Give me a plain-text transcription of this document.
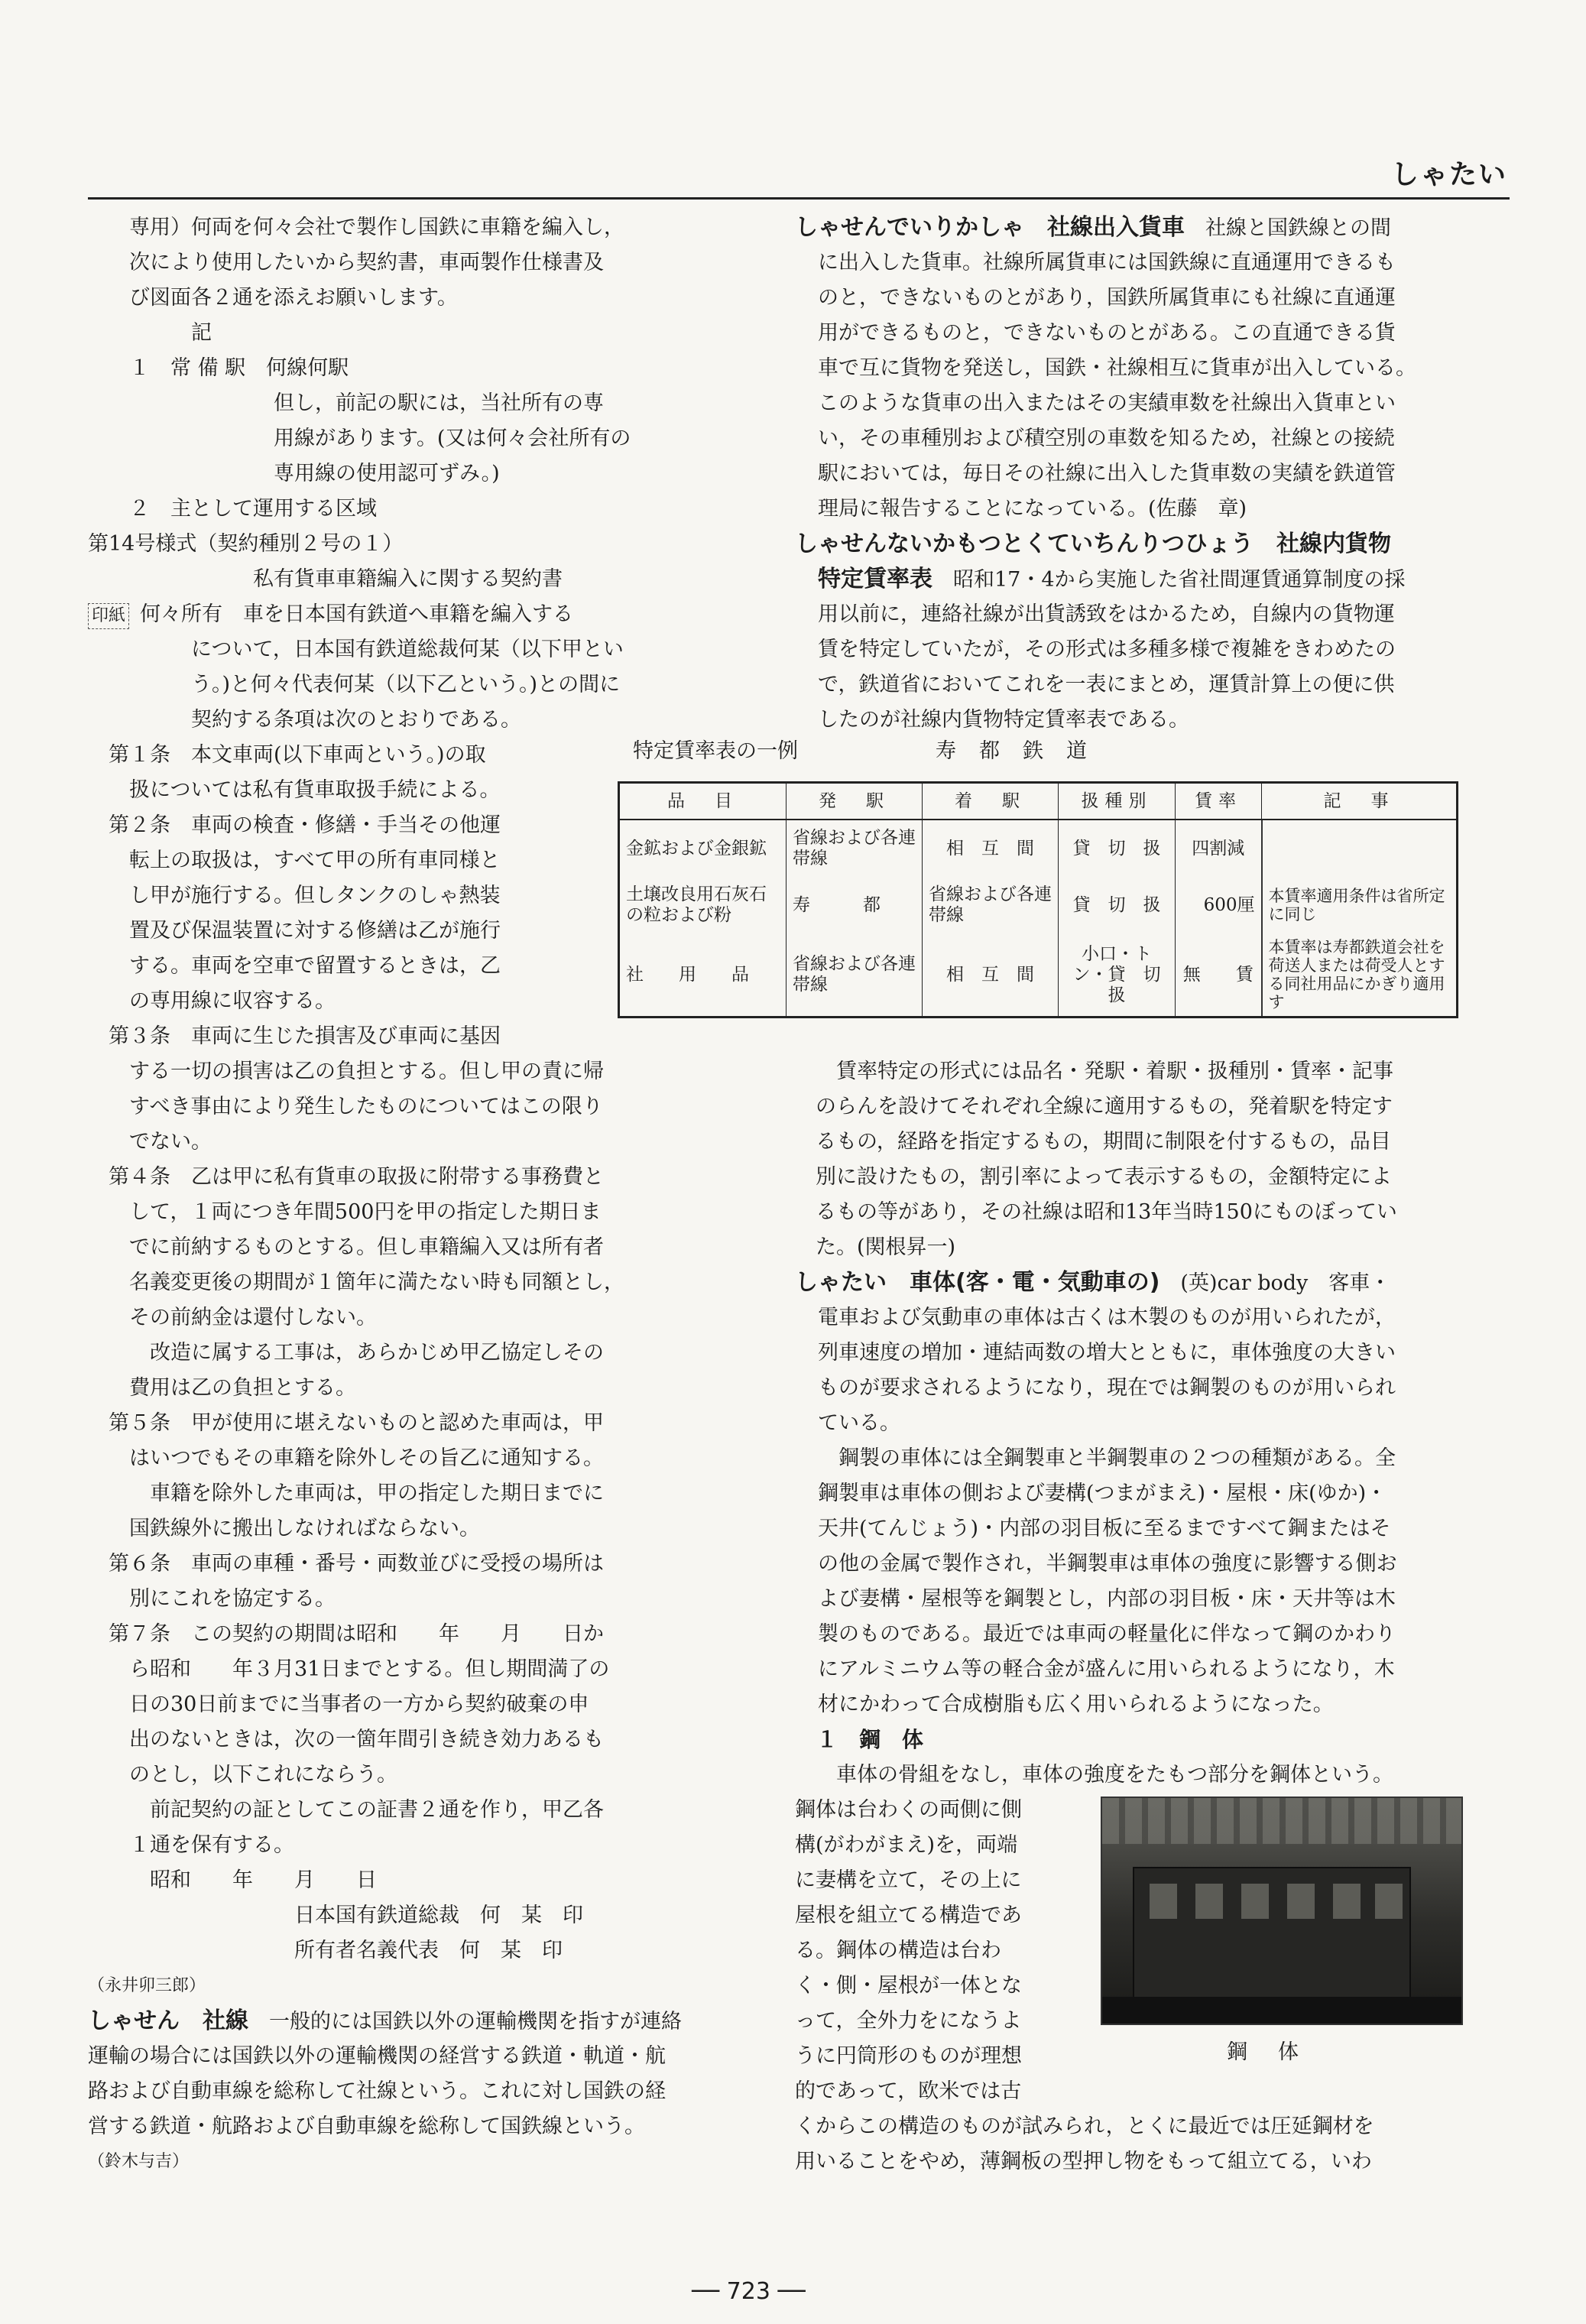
しゃたい
　　専用）何両を何々会社で製作し国鉄に車籍を編入し，
　　次により使用したいから契約書，車両製作仕様書及
　　び図面各２通を添えお願いします。
　　　　　記
　　１　常 備 駅　何線何駅
　　　　　　　　　但し，前記の駅には，当社所有の専
　　　　　　　　　用線があります。(又は何々会社所有の
　　　　　　　　　専用線の使用認可ずみ。)
　　２　主として運用する区域
第14号様式（契約種別２号の１）
　　　　　　　　私有貨車車籍編入に関する契約書
印紙 何々所有　車を日本国有鉄道へ車籍を編入する
　　　　　について，日本国有鉄道総裁何某（以下甲とい
　　　　　う。)と何々代表何某（以下乙という。)との間に
　　　　　契約する条項は次のとおりである。
　第１条　本文車両(以下車両という。)の取
　　扱については私有貨車取扱手続による。
　第２条　車両の検査・修繕・手当その他運
　　転上の取扱は，すべて甲の所有車同様と
　　し甲が施行する。但しタンクのしゃ熱装
　　置及び保温装置に対する修繕は乙が施行
　　する。車両を空車で留置するときは，乙
　　の専用線に収容する。
　第３条　車両に生じた損害及び車両に基因
　　する一切の損害は乙の負担とする。但し甲の責に帰
　　すべき事由により発生したものについてはこの限り
　　でない。
　第４条　乙は甲に私有貨車の取扱に附帯する事務費と
　　して，１両につき年間500円を甲の指定した期日ま
　　でに前納するものとする。但し車籍編入又は所有者
　　名義変更後の期間が１箇年に満たない時も同額とし，
　　その前納金は還付しない。
　　　改造に属する工事は，あらかじめ甲乙協定しその
　　費用は乙の負担とする。
　第５条　甲が使用に堪えないものと認めた車両は，甲
　　はいつでもその車籍を除外しその旨乙に通知する。
　　　車籍を除外した車両は，甲の指定した期日までに
　　国鉄線外に搬出しなければならない。
　第６条　車両の車種・番号・両数並びに受授の場所は
　　別にこれを協定する。
　第７条　この契約の期間は昭和　　年　　月　　日か
　　ら昭和　　年３月31日までとする。但し期間満了の
　　日の30日前までに当事者の一方から契約破棄の申
　　出のないときは，次の一箇年間引き続き効力あるも
　　のとし，以下これにならう。
　　　前記契約の証としてこの証書２通を作り，甲乙各
　　１通を保有する。
　　　昭和　　年　　月　　日
　　　　　　　　　　日本国有鉄道総裁　何　某　印
　　　　　　　　　　所有者名義代表　何　某　印
（永井卯三郎）
しゃせん　社線　一般的には国鉄以外の運輸機関を指すが連絡
運輸の場合には国鉄以外の運輸機関の経営する鉄道・軌道・航
路および自動車線を総称して社線という。これに対し国鉄の経
営する鉄道・航路および自動車線を総称して国鉄線という。
（鈴木与吉）
しゃせんでいりかしゃ　社線出入貨車　社線と国鉄線との間
に出入した貨車。社線所属貨車には国鉄線に直通運用できるも
のと，できないものとがあり，国鉄所属貨車にも社線に直通運
用ができるものと，できないものとがある。この直通できる貨
車で互に貨物を発送し，国鉄・社線相互に貨車が出入している。
このような貨車の出入またはその実績車数を社線出入貨車とい
い，その車種別および積空別の車数を知るため，社線との接続
駅においては，毎日その社線に出入した貨車数の実績を鉄道管
理局に報告することになっている。(佐藤　章)
しゃせんないかもつとくていちんりつひょう　社線内貨物
特定賃率表　昭和17・4から実施した省社間運賃通算制度の採
用以前に，連絡社線が出貨誘致をはかるため，自線内の貨物運
賃を特定していたが，その形式は多種多様で複雑をきわめたの
で，鉄道省においてこれを一表にまとめ，運賃計算上の便に供
したのが社線内貨物特定賃率表である。
　　賃率特定の形式には品名・発駅・着駅・扱種別・賃率・記事
　のらんを設けてそれぞれ全線に適用するもの，発着駅を特定す
　るもの，経路を指定するもの，期間に制限を付するもの，品目
　別に設けたもの，割引率によって表示するもの，金額特定によ
　るもの等があり，その社線は昭和13年当時150にものぼってい
　た。(関根昇一)
しゃたい　車体(客・電・気動車の)　(英)car body　客車・
電車および気動車の車体は古くは木製のものが用いられたが，
列車速度の増加・連結両数の増大とともに，車体強度の大きい
ものが要求されるようになり，現在では鋼製のものが用いられ
ている。
　鋼製の車体には全鋼製車と半鋼製車の２つの種類がある。全
鋼製車は車体の側および妻構(つまがまえ)・屋根・床(ゆか)・
天井(てんじょう)・内部の羽目板に至るまですべて鋼またはそ
の他の金属で製作され，半鋼製車は車体の強度に影響する側お
よび妻構・屋根等を鋼製とし，内部の羽目板・床・天井等は木
製のものである。最近では車両の軽量化に伴なって鋼のかわり
にアルミニウム等の軽合金が盛んに用いられるようになり，木
材にかわって合成樹脂も広く用いられるようになった。
　１　鋼　体
　　車体の骨組をなし，車体の強度をたもつ部分を鋼体という。
鋼体は台わくの両側に側
構(がわがまえ)を，両端
に妻構を立て，その上に
屋根を組立てる構造であ
る。鋼体の構造は台わ
く・側・屋根が一体とな
って，全外力をになうよ
うに円筒形のものが理想
的であって，欧米では古
くからこの構造のものが試みられ，とくに最近では圧延鋼材を
用いることをやめ，薄鋼板の型押し物をもって組立てる，いわ
特定賃率表の一例	寿都鉄道
品　目	発　駅	着　駅	扱種別	賃率	記　事
金鉱および金銀鉱	省線および各連帯線	相　互　間	貸　切　扱	四割減	
土壌改良用石灰石の粒および粉	寿　　　都	省線および各連帯線	貸　切　扱	600厘	本賃率適用条件は省所定に同じ
社　　用　　品	省線および各連帯線	相　互　間	小口・トン・貸　切　扱	無　　賃	本賃率は寿都鉄道会社を荷送人または荷受人とする同社用品にかぎり適用す
鋼体
── 723 ──
